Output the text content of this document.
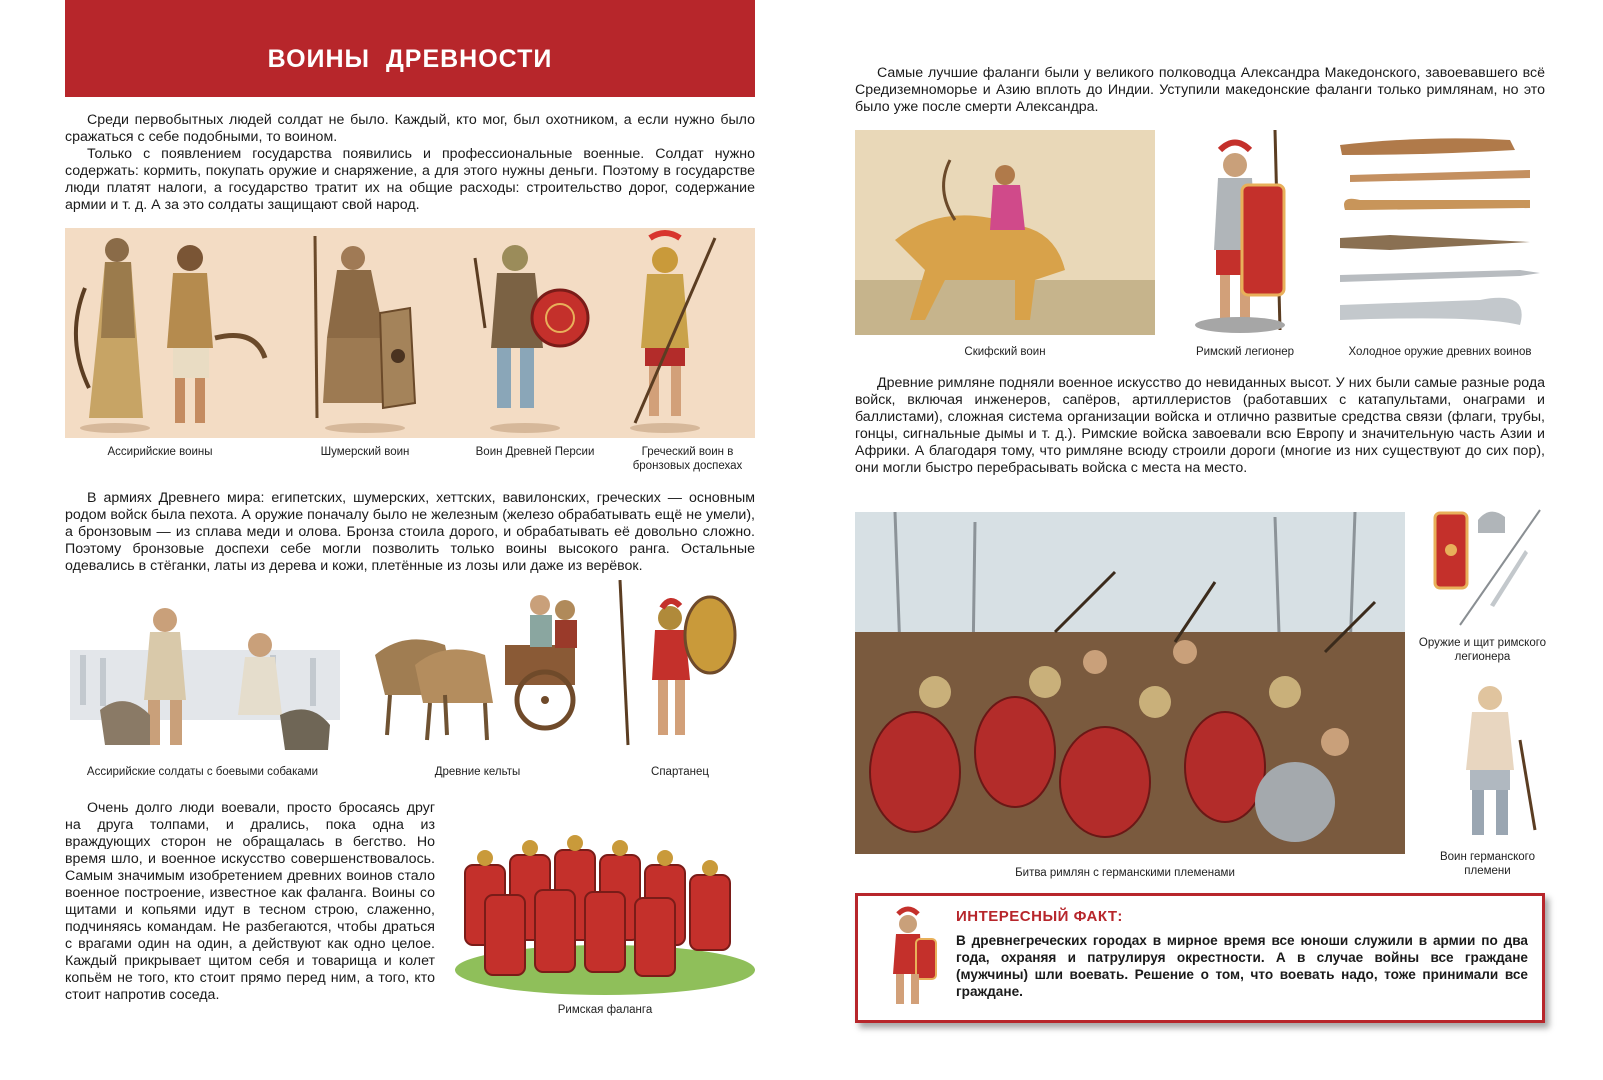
ВОИНЫ ДРЕВНОСТИ

Среди первобытных людей солдат не было. Каждый, кто мог, был охотником, а если нужно было сражаться с себе подобными, то воином.

Только с появлением государства появились и профессиональные военные. Солдат нужно содержать: кормить, покупать оружие и снаряжение, а для этого нужны деньги. Поэтому в государстве люди платят налоги, а государство тратит их на общие расходы: строительство дорог, содержание армии и т. д. А за это солдаты защищают свой народ.

Ассирийские воины	Шумерский воин	Воин Древней Персии	Греческий воин в бронзовых доспехах

В армиях Древнего мира: египетских, шумерских, хеттских, вавилонских, греческих — основным родом войск была пехота. А оружие поначалу было не железным (железо обрабатывать ещё не умели), а бронзовым — из сплава меди и олова. Бронза стоила дорого, и обрабатывать её довольно сложно. Поэтому бронзовые доспехи себе могли позволить только воины высокого ранга. Остальные одевались в стёганки, латы из дерева и кожи, плетённые из лозы или даже из верёвок.

Ассирийские солдаты с боевыми собаками	Древние кельты	Спартанец

Очень долго люди воевали, просто бросаясь друг на друга толпами, и дрались, пока одна из враждующих сторон не обращалась в бегство. Но время шло, и военное искусство совершенствовалось. Самым значимым изобретением древних воинов стало военное построение, известное как фаланга. Воины со щитами и копьями идут в тесном строю, слаженно, подчиняясь командам. Не разбегаются, чтобы драться с врагами один на один, а действуют как одно целое. Каждый прикрывает щитом себя и товарища и колет копьём не того, кто стоит прямо перед ним, а того, кто стоит напротив соседа.

Римская фаланга

Самые лучшие фаланги были у великого полководца Александра Македонского, завоевавшего всё Средиземноморье и Азию вплоть до Индии. Уступили македонские фаланги только римлянам, но это было уже после смерти Александра.

Скифский воин	Римский легионер	Холодное оружие древних воинов

Древние римляне подняли военное искусство до невиданных высот. У них были самые разные рода войск, включая инженеров, сапёров, артиллеристов (работавших с катапультами, онаграми и баллистами), сложная система организации войска и отлично развитые средства связи (флаги, трубы, гонцы, сигнальные дымы и т. д.). Римские войска завоевали всю Европу и значительную часть Азии и Африки. А благодаря тому, что римляне всюду строили дороги (многие из них существуют до сих пор), они могли быстро перебрасывать войска с места на место.

Битва римлян с германскими племенами
Оружие и щит римского легионера
Воин германского племени
ИНТЕРЕСНЫЙ ФАКТ:
В древнегреческих городах в мирное время все юноши служили в армии по два года, охраняя и патрулируя окрестности. А в случае войны все граждане (мужчины) шли воевать. Решение о том, что воевать надо, тоже принимали все граждане.
